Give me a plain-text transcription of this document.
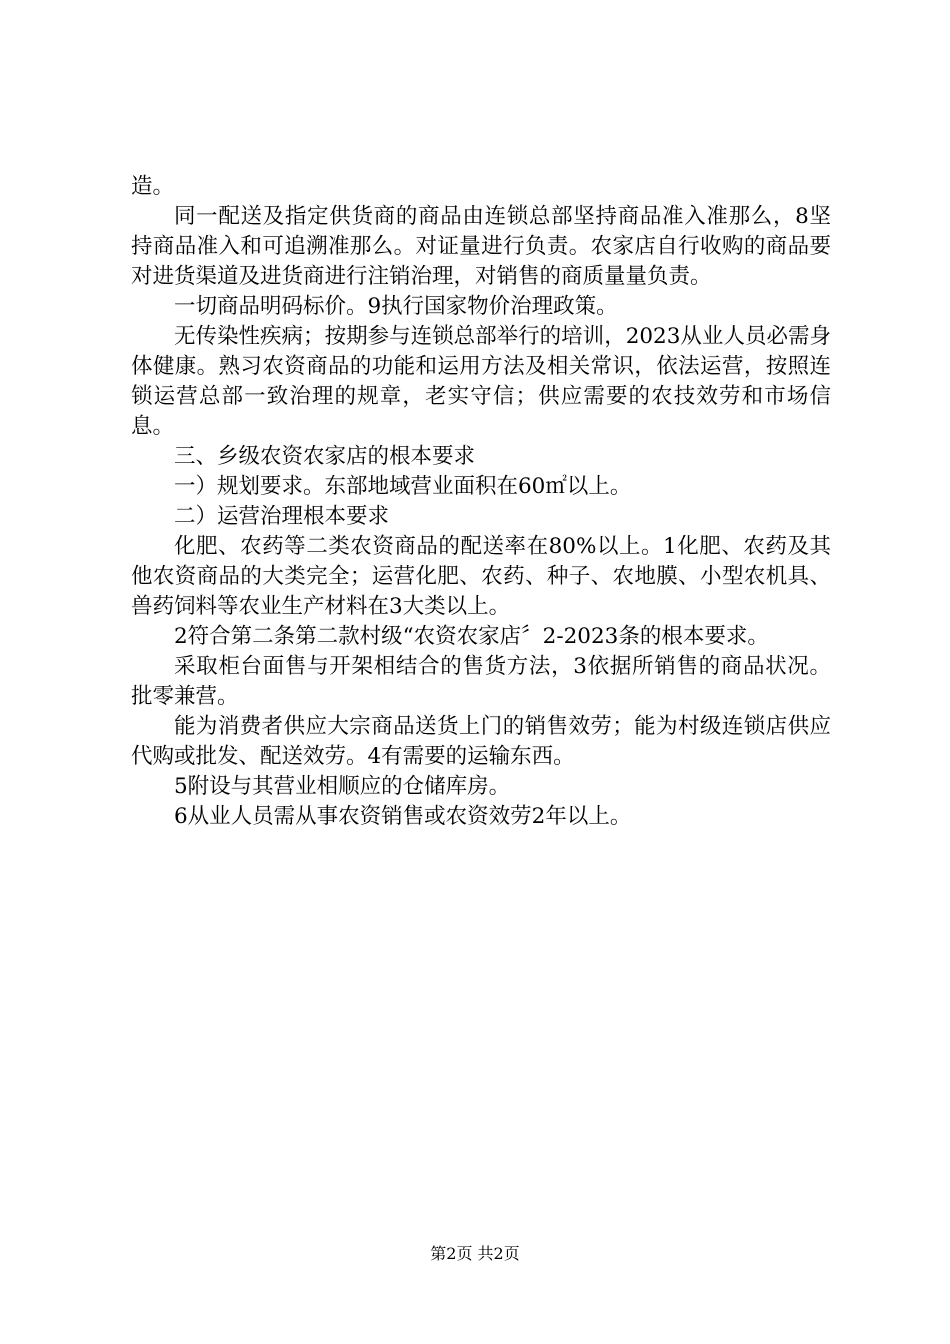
造。

同一配送及指定供货商的商品由连锁总部坚持商品准入准那么，8坚持商品准入和可追溯准那么。对证量进行负责。农家店自行收购的商品要对进货渠道及进货商进行注销治理，对销售的商质量量负责。

一切商品明码标价。9执行国家物价治理政策。

无传染性疾病；按期参与连锁总部举行的培训，2023从业人员必需身体健康。熟习农资商品的功能和运用方法及相关常识，依法运营，按照连锁运营总部一致治理的规章，老实守信；供应需要的农技效劳和市场信息。

三、乡级农资农家店的根本要求

一）规划要求。东部地域营业面积在60㎡以上。

二）运营治理根本要求

化肥、农药等二类农资商品的配送率在80%以上。1化肥、农药及其他农资商品的大类完全；运营化肥、农药、种子、农地膜、小型农机具、兽药饲料等农业生产材料在3大类以上。

2符合第二条第二款村级“农资农家店〞2-2023条的根本要求。

采取柜台面售与开架相结合的售货方法，3依据所销售的商品状况。批零兼营。

能为消费者供应大宗商品送货上门的销售效劳；能为村级连锁店供应代购或批发、配送效劳。4有需要的运输东西。

5附设与其营业相顺应的仓储库房。

6从业人员需从事农资销售或农资效劳2年以上。

第2页 共2页
